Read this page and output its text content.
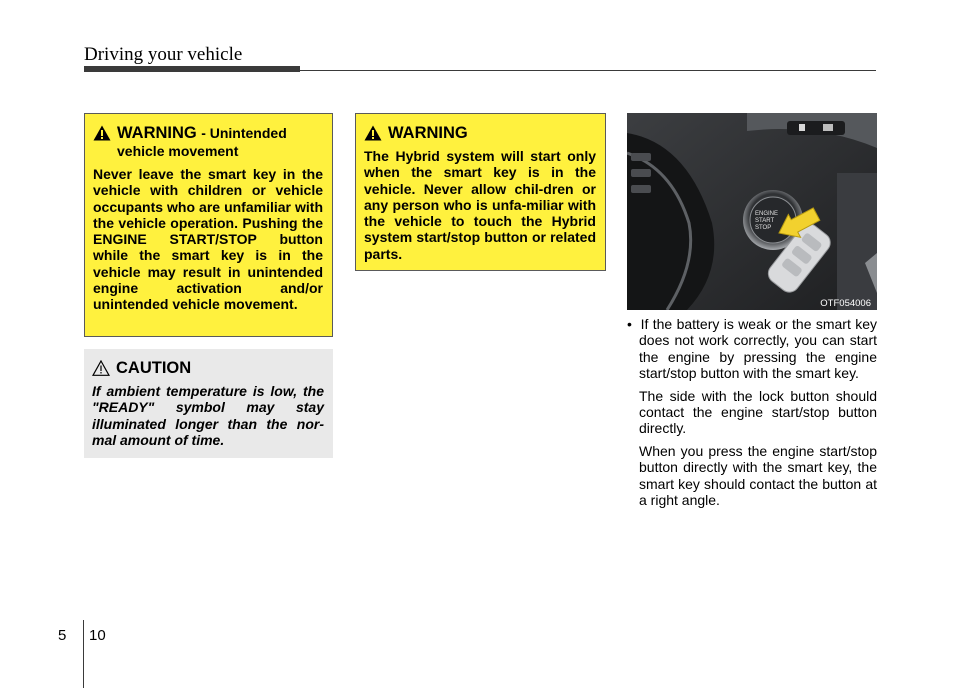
Driving your vehicle
WARNING - Unintended
vehicle movement
Never leave the smart key in the vehicle with children or vehicle occupants who are unfamiliar with the vehicle operation. Pushing the ENGINE START/STOP button while the smart key is in the vehicle may result in unintended engine activation and/or unintended vehicle movement.
CAUTION
If ambient temperature is low, the "READY" symbol may stay illuminated longer than the nor-mal amount of time.
WARNING
The Hybrid system will start only when the smart key is in the vehicle. Never allow chil-dren or any person who is unfa-miliar with the vehicle to touch the Hybrid system start/stop button or related parts.
ENGINE
START
STOP
OTF054006

• If the battery is weak or the smart key does not work correctly, you can start the engine by pressing the engine start/stop button with the smart key.

The side with the lock button should contact the engine start/stop button directly.

When you press the engine start/stop button directly with the smart key, the smart key should contact the button at a right angle.

5 10
